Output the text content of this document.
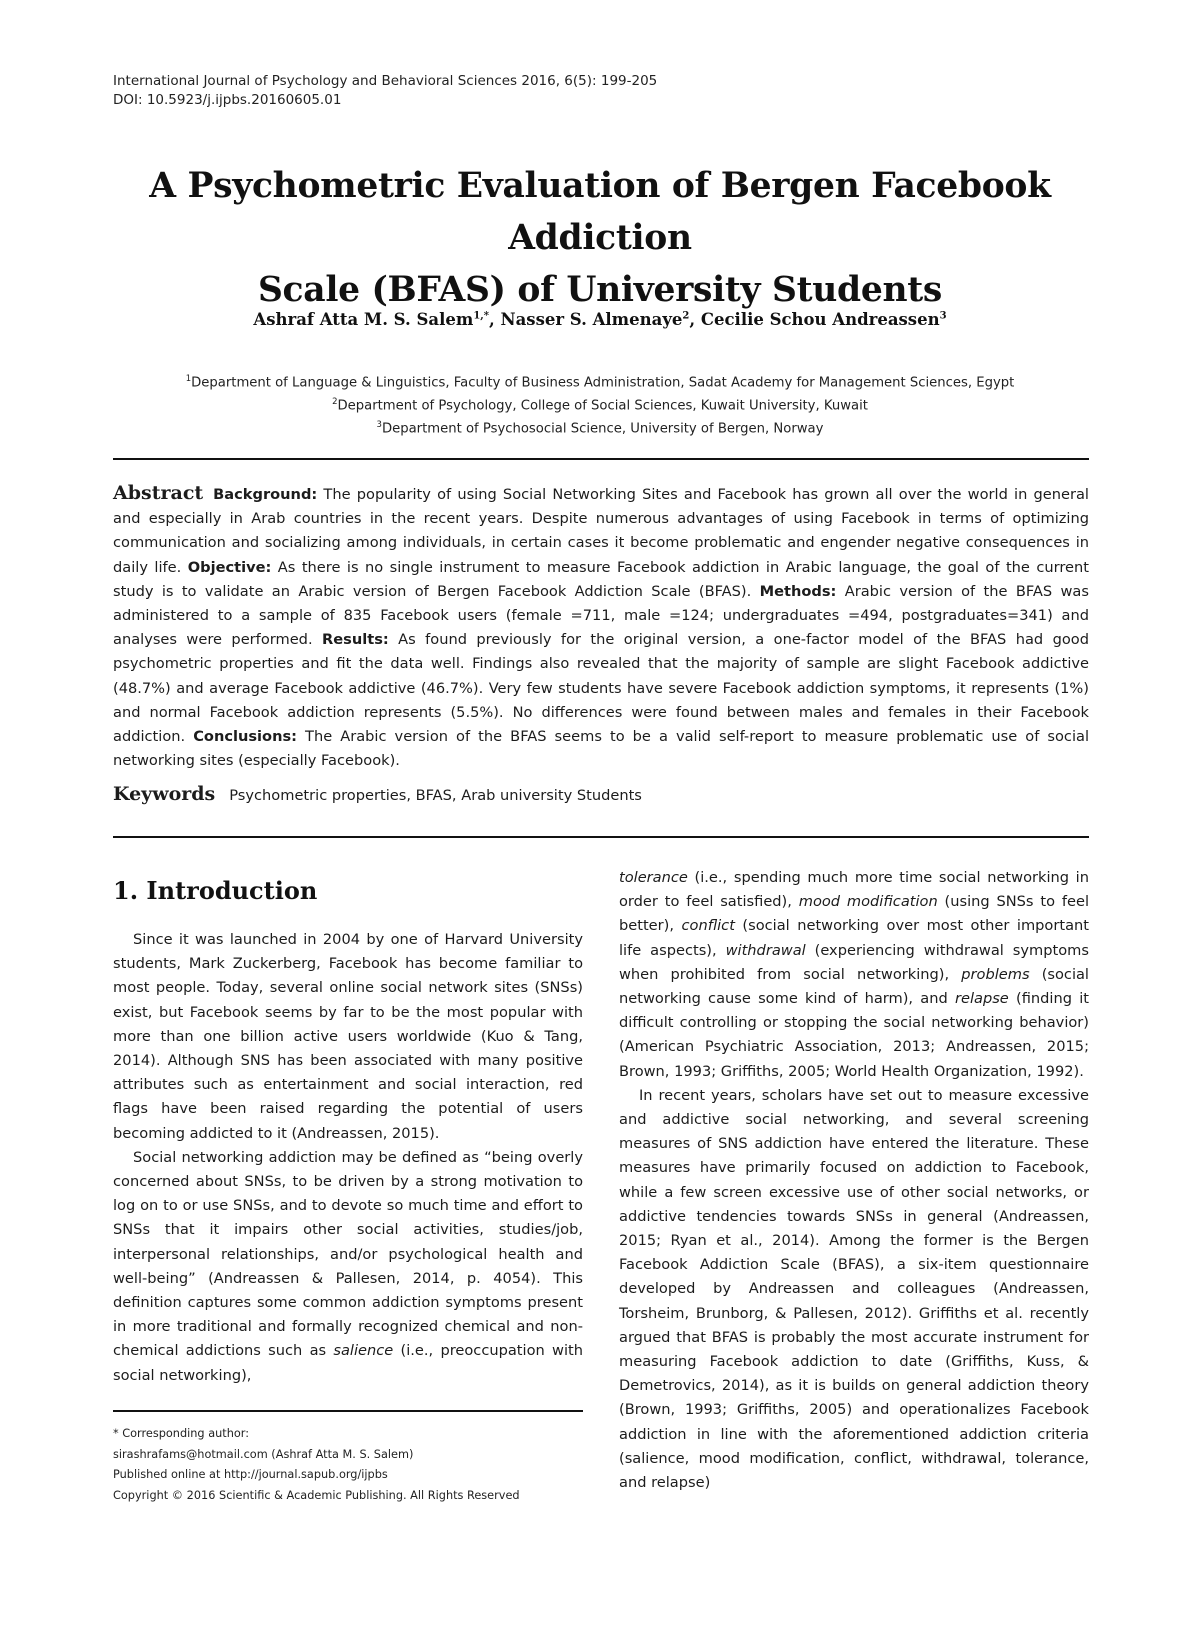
International Journal of Psychology and Behavioral Sciences 2016, 6(5): 199-205
DOI: 10.5923/j.ijpbs.20160605.01
A Psychometric Evaluation of Bergen Facebook Addiction
Scale (BFAS) of University Students
Ashraf Atta M. S. Salem$^{1,*}$, Nasser S. Almenaye$^2$, Cecilie Schou Andreassen$^3$
$^1$Department of Language & Linguistics, Faculty of Business Administration, Sadat Academy for Management Sciences, Egypt
$^2$Department of Psychology, College of Social Sciences, Kuwait University, Kuwait
$^3$Department of Psychosocial Science, University of Bergen, Norway
Abstract Background: The popularity of using Social Networking Sites and Facebook has grown all over the world in general and especially in Arab countries in the recent years. Despite numerous advantages of using Facebook in terms of optimizing communication and socializing among individuals, in certain cases it become problematic and engender negative consequences in daily life. Objective: As there is no single instrument to measure Facebook addiction in Arabic language, the goal of the current study is to validate an Arabic version of Bergen Facebook Addiction Scale (BFAS). Methods: Arabic version of the BFAS was administered to a sample of 835 Facebook users (female =711, male =124; undergraduates =494, postgraduates=341) and analyses were performed. Results: As found previously for the original version, a one-factor model of the BFAS had good psychometric properties and fit the data well. Findings also revealed that the majority of sample are slight Facebook addictive (48.7%) and average Facebook addictive (46.7%). Very few students have severe Facebook addiction symptoms, it represents (1%) and normal Facebook addiction represents (5.5%). No differences were found between males and females in their Facebook addiction. Conclusions: The Arabic version of the BFAS seems to be a valid self-report to measure problematic use of social networking sites (especially Facebook).
Keywords Psychometric properties, BFAS, Arab university Students
1. Introduction

Since it was launched in 2004 by one of Harvard University students, Mark Zuckerberg, Facebook has become familiar to most people. Today, several online social network sites (SNSs) exist, but Facebook seems by far to be the most popular with more than one billion active users worldwide (Kuo & Tang, 2014). Although SNS has been associated with many positive attributes such as entertainment and social interaction, red flags have been raised regarding the potential of users becoming addicted to it (Andreassen, 2015).

Social networking addiction may be defined as “being overly concerned about SNSs, to be driven by a strong motivation to log on to or use SNSs, and to devote so much time and effort to SNSs that it impairs other social activities, studies/job, interpersonal relationships, and/or psychological health and well-being” (Andreassen & Pallesen, 2014, p. 4054). This definition captures some common addiction symptoms present in more traditional and formally recognized chemical and non-chemical addictions such as salience (i.e., preoccupation with social networking),

* Corresponding author:
sirashrafams@hotmail.com (Ashraf Atta M. S. Salem)
Published online at http://journal.sapub.org/ijpbs
Copyright © 2016 Scientific & Academic Publishing. All Rights Reserved

tolerance (i.e., spending much more time social networking in order to feel satisfied), mood modification (using SNSs to feel better), conflict (social networking over most other important life aspects), withdrawal (experiencing withdrawal symptoms when prohibited from social networking), problems (social networking cause some kind of harm), and relapse (finding it difficult controlling or stopping the social networking behavior) (American Psychiatric Association, 2013; Andreassen, 2015; Brown, 1993; Griffiths, 2005; World Health Organization, 1992).

In recent years, scholars have set out to measure excessive and addictive social networking, and several screening measures of SNS addiction have entered the literature. These measures have primarily focused on addiction to Facebook, while a few screen excessive use of other social networks, or addictive tendencies towards SNSs in general (Andreassen, 2015; Ryan et al., 2014). Among the former is the Bergen Facebook Addiction Scale (BFAS), a six-item questionnaire developed by Andreassen and colleagues (Andreassen, Torsheim, Brunborg, & Pallesen, 2012). Griffiths et al. recently argued that BFAS is probably the most accurate instrument for measuring Facebook addiction to date (Griffiths, Kuss, & Demetrovics, 2014), as it is builds on general addiction theory (Brown, 1993; Griffiths, 2005) and operationalizes Facebook addiction in line with the aforementioned addiction criteria (salience, mood modification, conflict, withdrawal, tolerance, and relapse)
